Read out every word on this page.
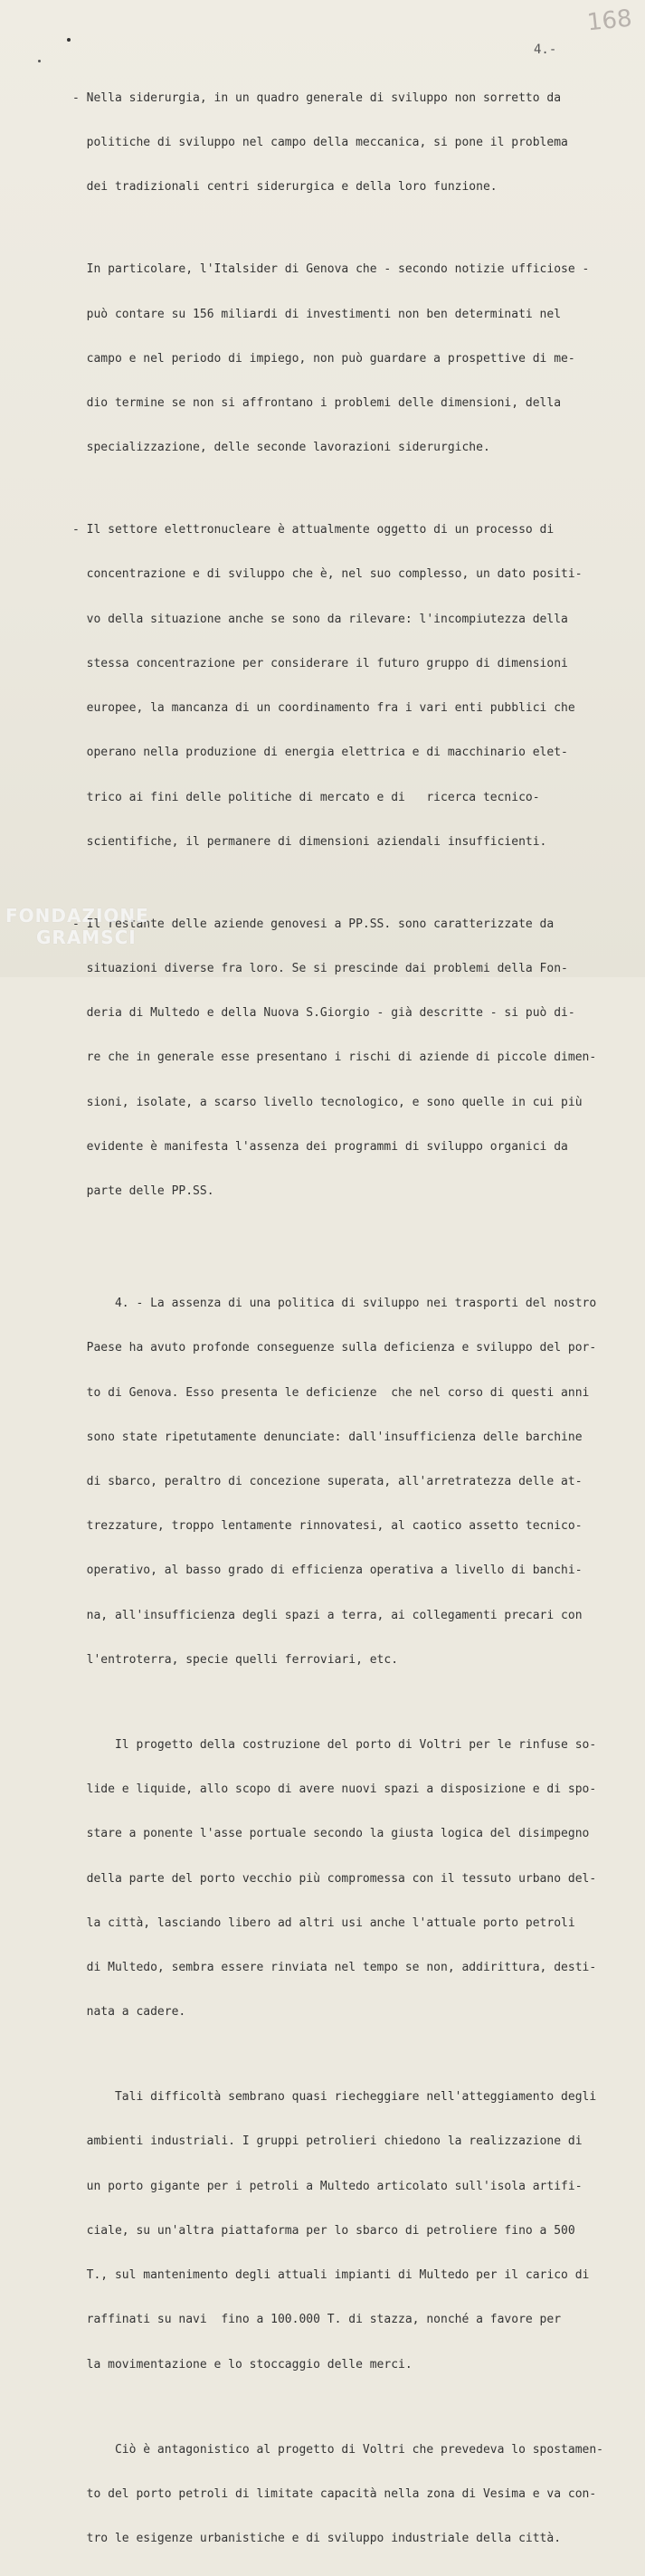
168
4.-

- Nella siderurgia, in un quadro generale di sviluppo non sorretto da

politiche di sviluppo nel campo della meccanica, si pone il problema

dei tradizionali centri siderurgica e della loro funzione.

In particolare, l'Italsider di Genova che - secondo notizie ufficiose -

può contare su 156 miliardi di investimenti non ben determinati nel

campo e nel periodo di impiego, non può guardare a prospettive di me-

dio termine se non si affrontano i problemi delle dimensioni, della

specializzazione, delle seconde lavorazioni siderurgiche.

- Il settore elettronucleare è attualmente oggetto di un processo di

concentrazione e di sviluppo che è, nel suo complesso, un dato positi-

vo della situazione anche se sono da rilevare: l'incompiutezza della

stessa concentrazione per considerare il futuro gruppo di dimensioni

europee, la mancanza di un coordinamento fra i vari enti pubblici che

operano nella produzione di energia elettrica e di macchinario elet-

trico ai fini delle politiche di mercato e di   ricerca tecnico-

scientifiche, il permanere di dimensioni aziendali insufficienti.

- Il restante delle aziende genovesi a PP.SS. sono caratterizzate da

situazioni diverse fra loro. Se si prescinde dai problemi della Fon-

deria di Multedo e della Nuova S.Giorgio - già descritte - si può di-

re che in generale esse presentano i rischi di aziende di piccole dimen-

sioni, isolate, a scarso livello tecnologico, e sono quelle in cui più

evidente è manifesta l'assenza dei programmi di sviluppo organici da

parte delle PP.SS.

4. - La assenza di una politica di sviluppo nei trasporti del nostro

Paese ha avuto profonde conseguenze sulla deficienza e sviluppo del por-

to di Genova. Esso presenta le deficienze  che nel corso di questi anni

sono state ripetutamente denunciate: dall'insufficienza delle barchine

di sbarco, peraltro di concezione superata, all'arretratezza delle at-

trezzature, troppo lentamente rinnovatesi, al caotico assetto tecnico-

operativo, al basso grado di efficienza operativa a livello di banchi-

na, all'insufficienza degli spazi a terra, ai collegamenti precari con

l'entroterra, specie quelli ferroviari, etc.

Il progetto della costruzione del porto di Voltri per le rinfuse so-

lide e liquide, allo scopo di avere nuovi spazi a disposizione e di spo-

stare a ponente l'asse portuale secondo la giusta logica del disimpegno

della parte del porto vecchio più compromessa con il tessuto urbano del-

la città, lasciando libero ad altri usi anche l'attuale porto petroli

di Multedo, sembra essere rinviata nel tempo se non, addirittura, desti-

nata a cadere.

Tali difficoltà sembrano quasi riecheggiare nell'atteggiamento degli

ambienti industriali. I gruppi petrolieri chiedono la realizzazione di

un porto gigante per i petroli a Multedo articolato sull'isola artifi-

ciale, su un'altra piattaforma per lo sbarco di petroliere fino a 500

T., sul mantenimento degli attuali impianti di Multedo per il carico di

raffinati su navi  fino a 100.000 T. di stazza, nonché a favore per

la movimentazione e lo stoccaggio delle merci.

Ciò è antagonistico al progetto di Voltri che prevedeva lo spostamen-

to del porto petroli di limitate capacità nella zona di Vesima e va con-

tro le esigenze urbanistiche e di sviluppo industriale della città.

FONDAZIONE
GRAMSCI
